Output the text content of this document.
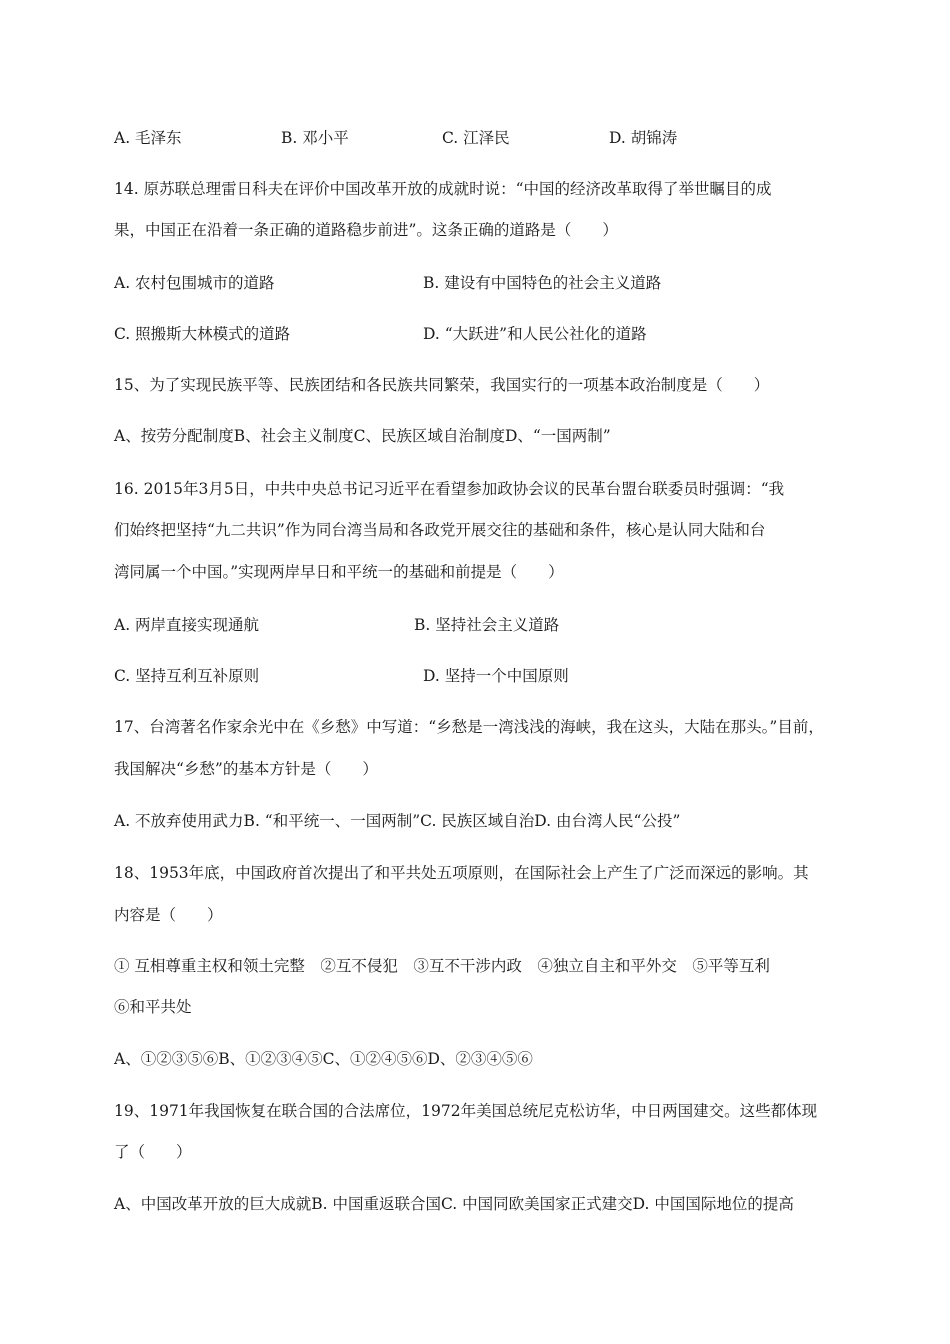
A. 毛泽东	B. 邓小平	C. 江泽民	D. 胡锦涛
14. 原苏联总理雷日科夫在评价中国改革开放的成就时说：“中国的经济改革取得了举世瞩目的成
果，中国正在沿着一条正确的道路稳步前进”。这条正确的道路是（　　）
A. 农村包围城市的道路	B. 建设有中国特色的社会主义道路
C. 照搬斯大林模式的道路	D. “大跃进”和人民公社化的道路
15、为了实现民族平等、民族团结和各民族共同繁荣，我国实行的一项基本政治制度是（　　）
A、按劳分配制度B、社会主义制度C、民族区域自治制度D、“一国两制”
16. 2015年3月5日，中共中央总书记习近平在看望参加政协会议的民革台盟台联委员时强调：“我
们始终把坚持“九二共识”作为同台湾当局和各政党开展交往的基础和条件，核心是认同大陆和台
湾同属一个中国。”实现两岸早日和平统一的基础和前提是（　　）
A. 两岸直接实现通航	B. 坚持社会主义道路
C. 坚持互利互补原则	D. 坚持一个中国原则
17、台湾著名作家余光中在《乡愁》中写道：“乡愁是一湾浅浅的海峡，我在这头，大陆在那头。”目前，
我国解决“乡愁”的基本方针是（　　）
A. 不放弃使用武力B. “和平统一、一国两制”C. 民族区域自治D. 由台湾人民“公投”
18、1953年底，中国政府首次提出了和平共处五项原则，在国际社会上产生了广泛而深远的影响。其
内容是（　　）
① 互相尊重主权和领土完整　②互不侵犯　③互不干涉内政　④独立自主和平外交　⑤平等互利
⑥和平共处
A、①②③⑤⑥B、①②③④⑤C、①②④⑤⑥D、②③④⑤⑥
19、1971年我国恢复在联合国的合法席位，1972年美国总统尼克松访华，中日两国建交。这些都体现
了（　　）
A、中国改革开放的巨大成就B. 中国重返联合国C. 中国同欧美国家正式建交D. 中国国际地位的提高
